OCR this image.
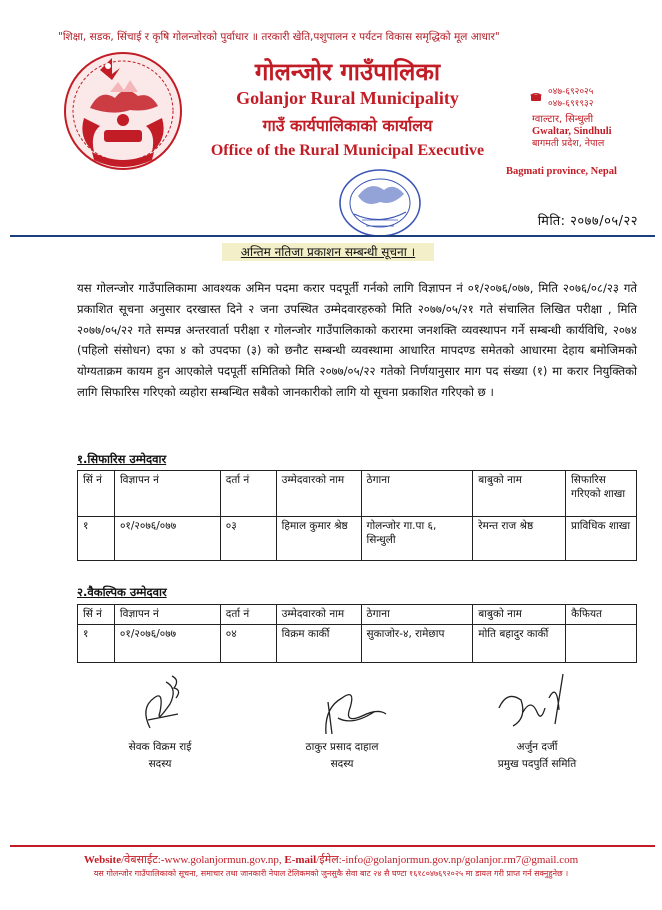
"शिक्षा, सडक, सिंचाई र कृषि गोलन्जोरको पुर्वाधार ॥ तरकारी खेति,पशुपालन र पर्यटन विकास समृद्धिको मूल आधार"
गोलन्जोर गाउँपालिका
Golanjor Rural Municipality
गाउँ कार्यपालिकाको कार्यालय
Office of the Rural Municipal Executive
०४७-६९२०२५
०४७-६९१९३२
ग्वाल्टार, सिन्धुली
Gwaltar, Sindhuli
बागमती प्रदेश, नेपाल
Bagmati province, Nepal
मिति: २०७७/०५/२२
अन्तिम नतिजा प्रकाशन सम्बन्धी सूचना ।
यस गोलन्जोर गाउँपालिकामा आवश्यक अमिन पदमा करार पदपूर्ती गर्नको लागि विज्ञापन नं ०१/२०७६/०७७, मिति २०७६/०८/२३ गते प्रकाशित सूचना अनुसार दरखास्त दिने २ जना उपस्थित उम्मेदवारहरुको मिति २०७७/०५/२१ गते संचालित लिखित परीक्षा , मिति २०७७/०५/२२ गते सम्पन्न अन्तरवार्ता परीक्षा र गोलन्जोर गाउँपालिकाको करारमा जनशक्ति व्यवस्थापन गर्ने सम्बन्धी कार्यविधि, २०७४ (पहिलो संसोधन) दफा ४ को उपदफा (३) को छनौट सम्बन्धी व्यवस्थामा आधारित मापदण्ड समेतको आधारमा देहाय बमोजिमको योग्यताक्रम कायम हुन आएकोले पदपूर्ती समितिको मिति २०७७/०५/२२ गतेको निर्णयानुसार माग पद संख्या (१) मा करार नियुक्तिको लागि सिफारिस गरिएको व्यहोरा सम्बन्धित सबैको जानकारीको लागि यो सूचना प्रकाशित गरिएको छ ।
१.सिफारिस उम्मेदवार
सिं नं	विज्ञापन नं	दर्ता नं	उम्मेदवारको नाम	ठेगाना	बाबुको नाम	सिफारिस गरिएको शाखा
१	०१/२०७६/०७७	०३	हिमाल कुमार श्रेष्ठ	गोलन्जोर गा.पा ६, सिन्धुली	रेमन्त राज श्रेष्ठ	प्राविधिक शाखा
२.वैकल्पिक उम्मेदवार
सिं नं	विज्ञापन नं	दर्ता नं	उम्मेदवारको नाम	ठेगाना	बाबुको नाम	कैफियत
१	०१/२०७६/०७७	०४	विक्रम कार्की	सुकाजोर-४, रामेछाप	मोति बहादुर कार्की	
सेवक विक्रम राई
सदस्य
ठाकुर प्रसाद दाहाल
सदस्य
अर्जुन दर्जी
प्रमुख पदपुर्ति समिति
Website/वेबसाईट:-www.golanjormun.gov.np, E-mail/ईमेल:-info@golanjormun.gov.np/golanjor.rm7@gmail.com
यस गोलन्जोर गाउँपालिकाको सूचना, समाचार तथा जानकारी नेपाल टेलिकमको जुनसुकै सेवा बाट २४ सै घण्टा १६१८०४७६९२०२५ मा डायल गरी प्राप्त गर्न सक्नुहुनेछ ।
